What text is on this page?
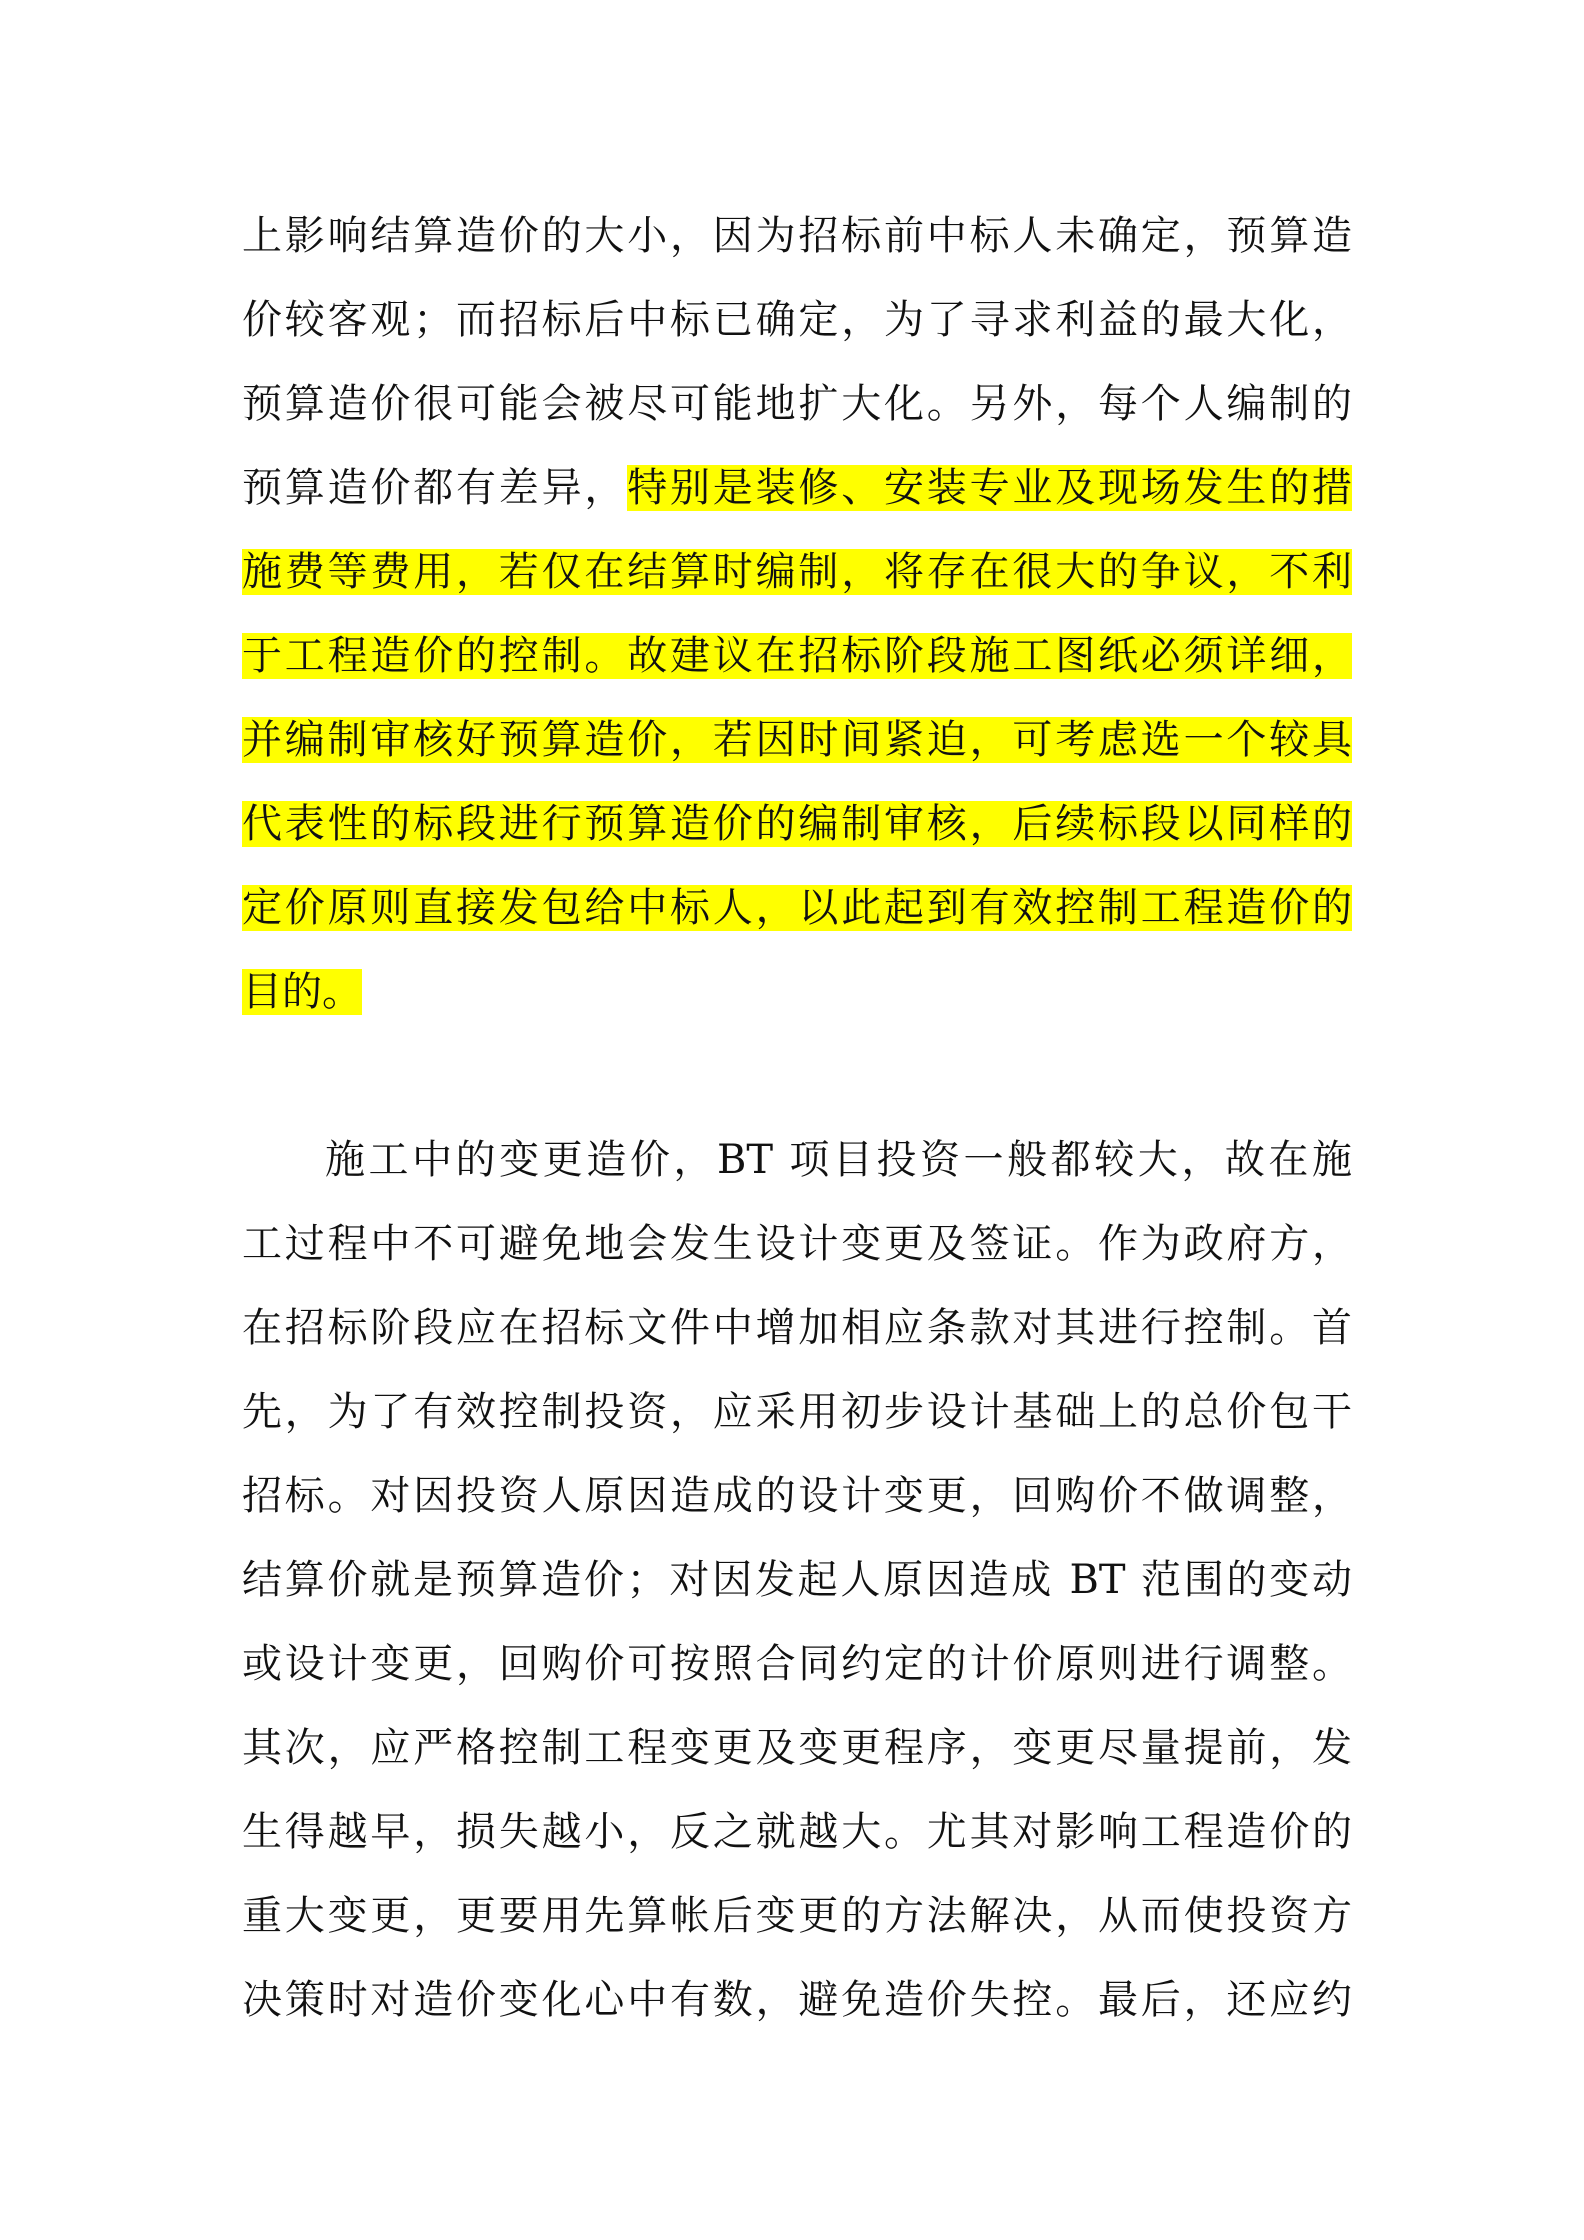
上影响结算造价的大小，因为招标前中标人未确定，预算造
价较客观；而招标后中标已确定，为了寻求利益的最大化，
预算造价很可能会被尽可能地扩大化。另外，每个人编制的
预算造价都有差异，特别是装修、安装专业及现场发生的措
施费等费用，若仅在结算时编制，将存在很大的争议，不利
于工程造价的控制。故建议在招标阶段施工图纸必须详细，
并编制审核好预算造价，若因时间紧迫，可考虑选一个较具
代表性的标段进行预算造价的编制审核，后续标段以同样的
定价原则直接发包给中标人，以此起到有效控制工程造价的
目的。
施工中的变更造价，BT 项目投资一般都较大，故在施
工过程中不可避免地会发生设计变更及签证。作为政府方，
在招标阶段应在招标文件中增加相应条款对其进行控制。首
先，为了有效控制投资，应采用初步设计基础上的总价包干
招标。对因投资人原因造成的设计变更，回购价不做调整，
结算价就是预算造价；对因发起人原因造成 BT 范围的变动
或设计变更，回购价可按照合同约定的计价原则进行调整。
其次，应严格控制工程变更及变更程序，变更尽量提前，发
生得越早，损失越小，反之就越大。尤其对影响工程造价的
重大变更，更要用先算帐后变更的方法解决，从而使投资方
决策时对造价变化心中有数，避免造价失控。最后，还应约
